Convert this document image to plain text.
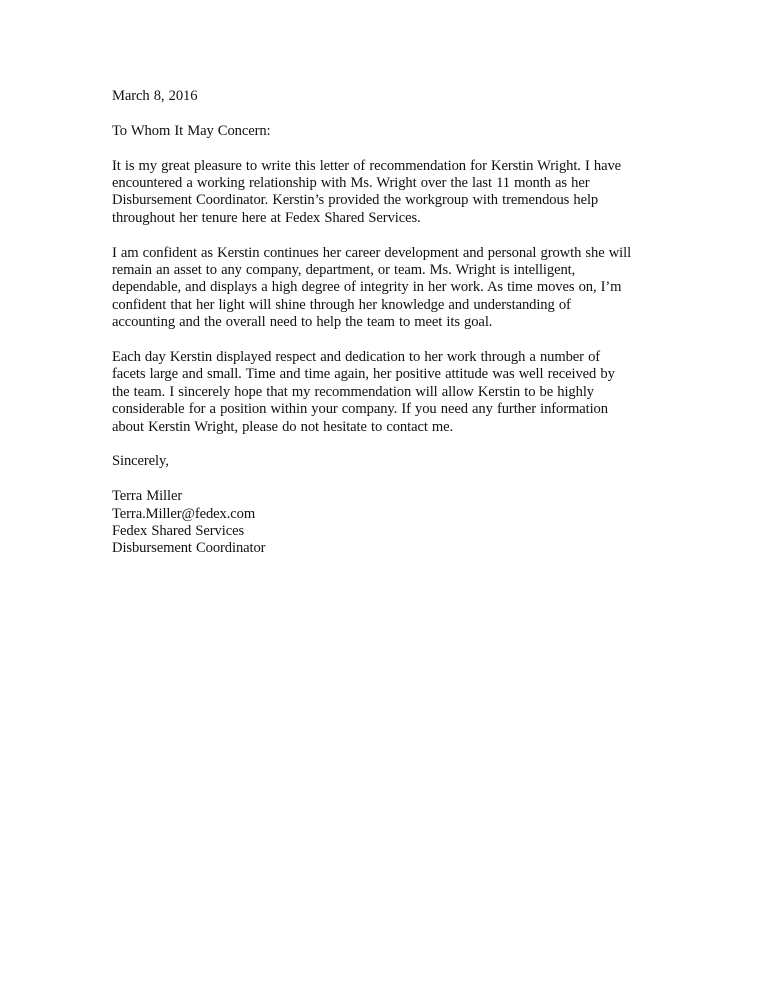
March 8, 2016

To Whom It May Concern:

It is my great pleasure to write this letter of recommendation for Kerstin Wright. I have
encountered a working relationship with Ms. Wright over the last 11 month as her
Disbursement Coordinator. Kerstin’s provided the workgroup with tremendous help
throughout her tenure here at Fedex Shared Services.

I am confident as Kerstin continues her career development and personal growth she will
remain an asset to any company, department, or team. Ms. Wright is intelligent,
dependable, and displays a high degree of integrity in her work. As time moves on, I’m
confident that her light will shine through her knowledge and understanding of
accounting and the overall need to help the team to meet its goal.

Each day Kerstin displayed respect and dedication to her work through a number of
facets large and small. Time and time again, her positive attitude was well received by
the team. I sincerely hope that my recommendation will allow Kerstin to be highly
considerable for a position within your company. If you need any further information
about Kerstin Wright, please do not hesitate to contact me.

Sincerely,

Terra Miller
Terra.Miller@fedex.com
Fedex Shared Services
Disbursement Coordinator
